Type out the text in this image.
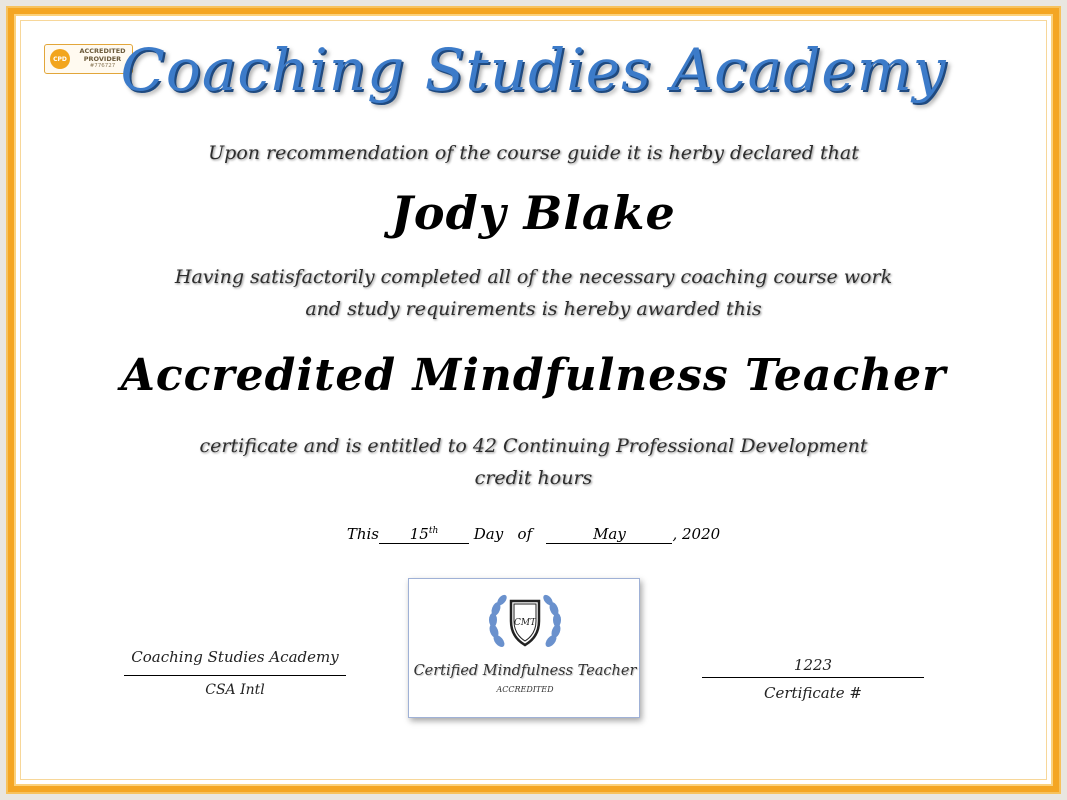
CPD
ACCREDITED
PROVIDER
#776727 Coaching Studies Academy
Upon recommendation of the course guide it is herby declared that
Jody Blake
Having satisfactorily completed all of the necessary coaching course work
and study requirements is hereby awarded this
Accredited Mindfulness Teacher
certificate and is entitled to 42 Continuing Professional Development
credit hours
This 15th Day of	May	, 2020
CMT
Certified Mindfulness Teacher
ACCREDITED
Coaching Studies Academy
CSA Intl
1223
Certificate #
